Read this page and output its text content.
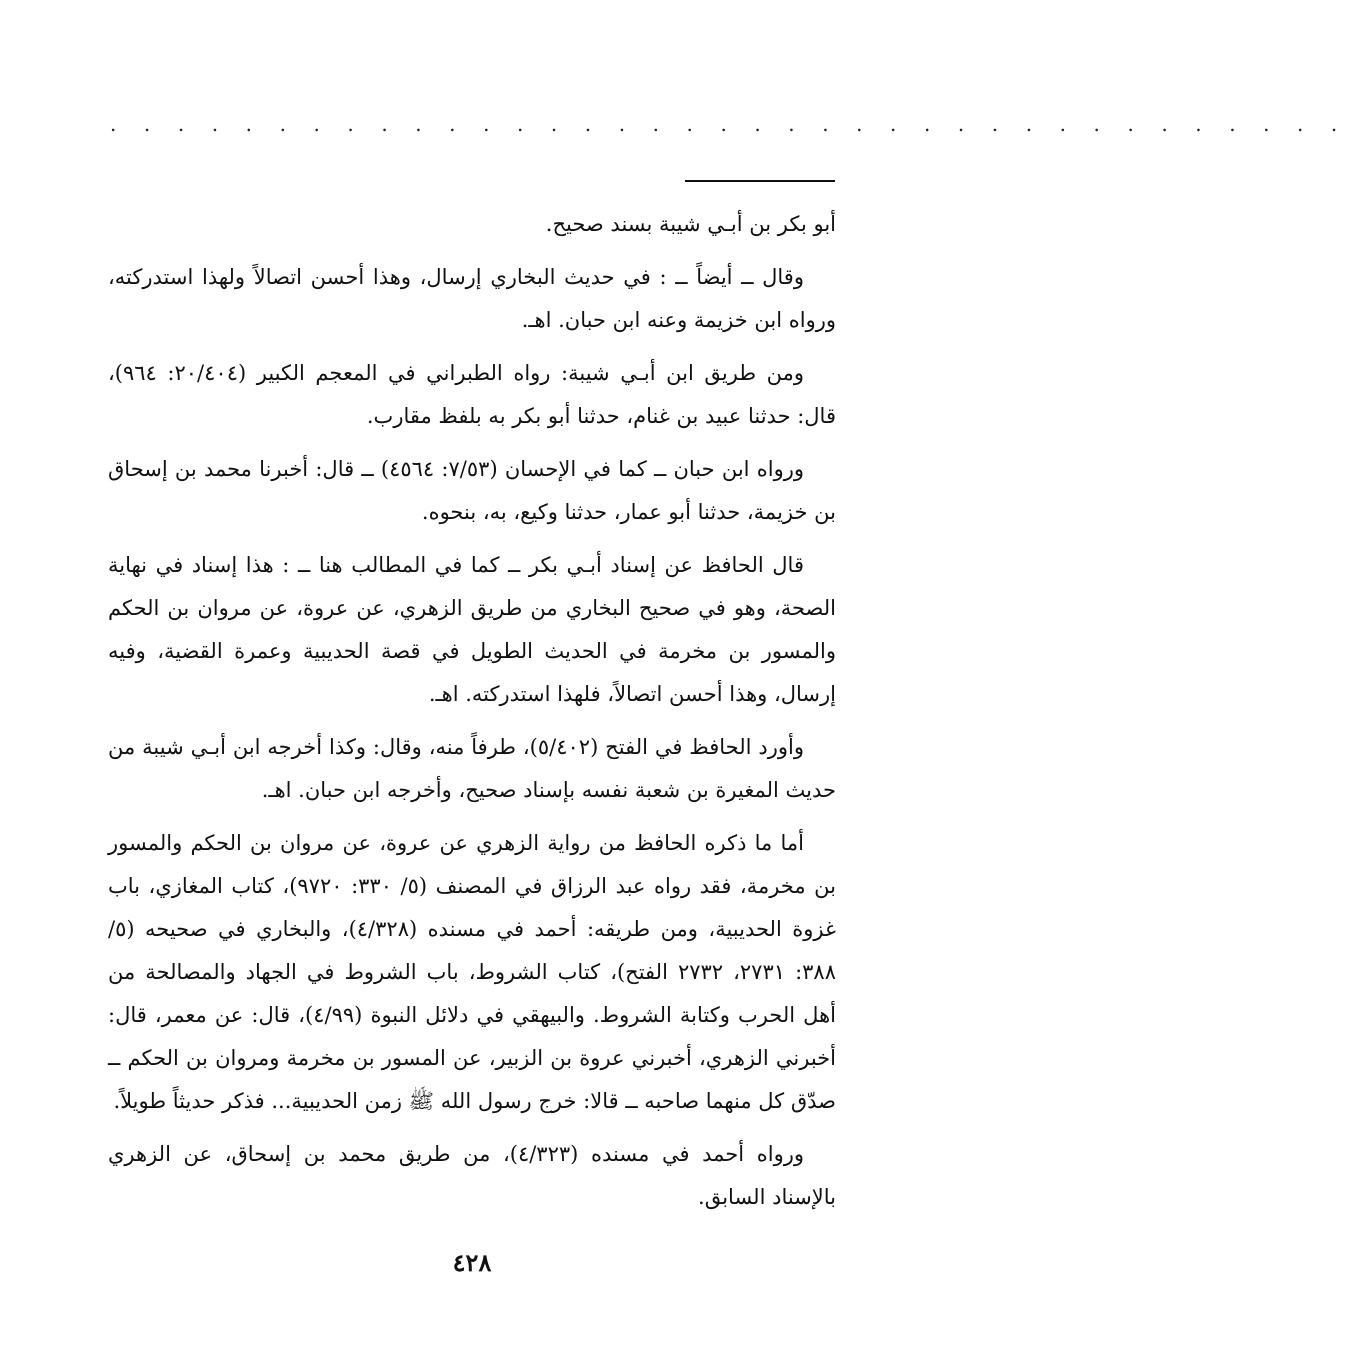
. . . . . . . . . . . . . . . . . . . . . . . . . . . . . . . . . . . . .

أبو بكر بن أبـي شيبة بسند صحيح.

وقال ــ أيضاً ــ : في حديث البخاري إرسال، وهذا أحسن اتصالاً ولهذا استدركته، ورواه ابن خزيمة وعنه ابن حبان. اهـ.

ومن طريق ابن أبـي شيبة: رواه الطبراني في المعجم الكبير (٢٠/٤٠٤: ٩٦٤)، قال: حدثنا عبيد بن غنام، حدثنا أبو بكر به بلفظ مقارب.

ورواه ابن حبان ــ كما في الإحسان (٧/٥٣: ٤٥٦٤) ــ قال: أخبرنا محمد بن إسحاق بن خزيمة، حدثنا أبو عمار، حدثنا وكيع، به، بنحوه.

قال الحافظ عن إسناد أبـي بكر ــ كما في المطالب هنا ــ : هذا إسناد في نهاية الصحة، وهو في صحيح البخاري من طريق الزهري، عن عروة، عن مروان بن الحكم والمسور بن مخرمة في الحديث الطويل في قصة الحديبية وعمرة القضية، وفيه إرسال، وهذا أحسن اتصالاً، فلهذا استدركته. اهـ.

وأورد الحافظ في الفتح (٥/٤٠٢)، طرفاً منه، وقال: وكذا أخرجه ابن أبـي شيبة من حديث المغيرة بن شعبة نفسه بإسناد صحيح، وأخرجه ابن حبان. اهـ.

أما ما ذكره الحافظ من رواية الزهري عن عروة، عن مروان بن الحكم والمسور بن مخرمة، فقد رواه عبد الرزاق في المصنف (٥/ ٣٣٠: ٩٧٢٠)، كتاب المغازي، باب غزوة الحديبية، ومن طريقه: أحمد في مسنده (٤/٣٢٨)، والبخاري في صحيحه (٥/ ٣٨٨: ٢٧٣١، ٢٧٣٢ الفتح)، كتاب الشروط، باب الشروط في الجهاد والمصالحة من أهل الحرب وكتابة الشروط. والبيهقي في دلائل النبوة (٤/٩٩)، قال: عن معمر، قال: أخبرني الزهري، أخبرني عروة بن الزبير، عن المسور بن مخرمة ومروان بن الحكم ــ صدّق كل منهما صاحبه ــ قالا: خرج رسول الله ﷺ زمن الحديبية... فذكر حديثاً طويلاً.

ورواه أحمد في مسنده (٤/٣٢٣)، من طريق محمد بن إسحاق، عن الزهري بالإسناد السابق.

٤٢٨
